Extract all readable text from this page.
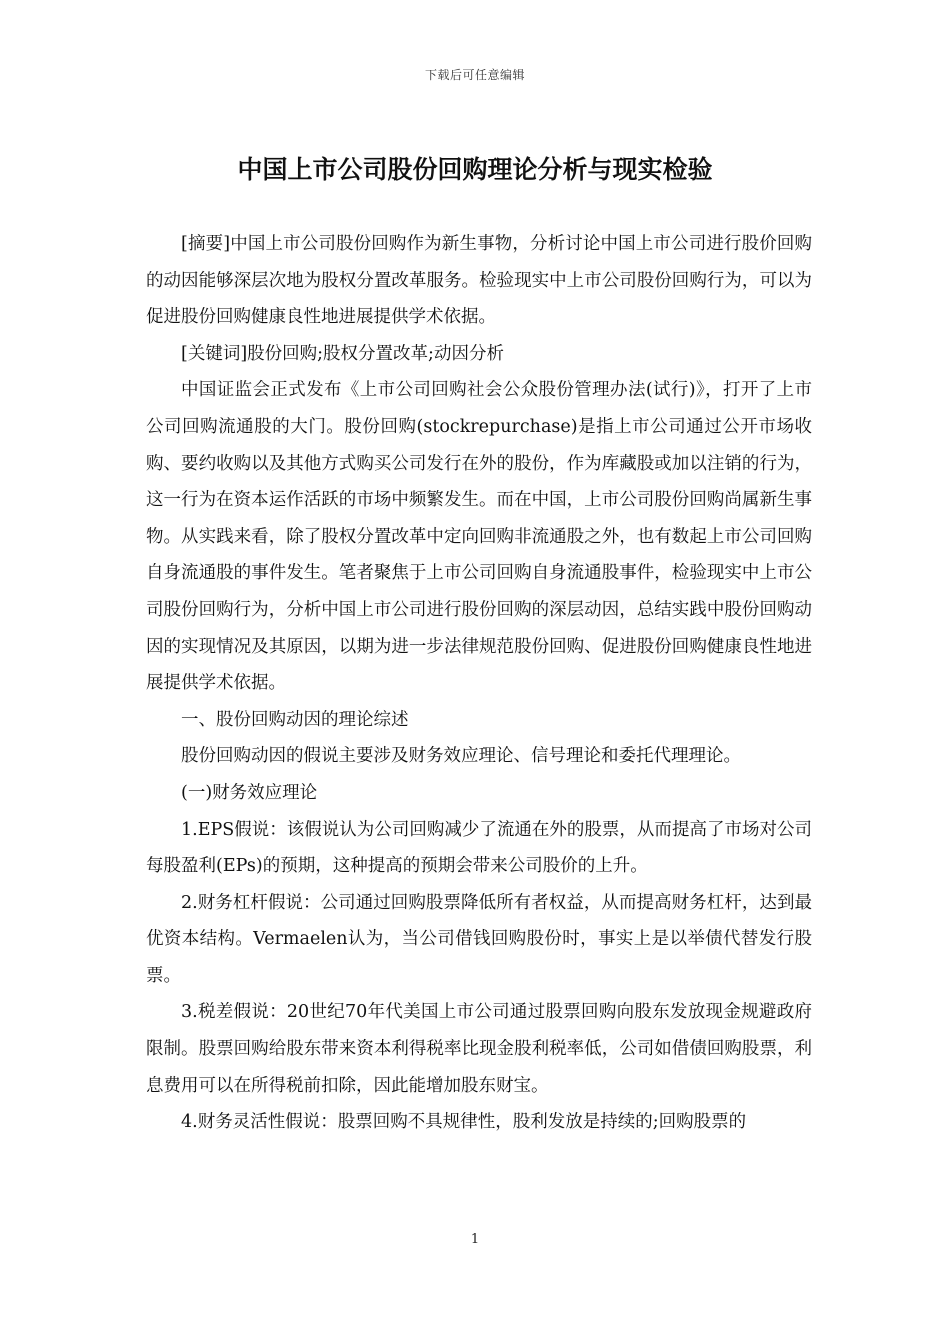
下载后可任意编辑
中国上市公司股份回购理论分析与现实检验

[摘要]中国上市公司股份回购作为新生事物，分析讨论中国上市公司进行股价回购的动因能够深层次地为股权分置改革服务。检验现实中上市公司股份回购行为，可以为促进股份回购健康良性地进展提供学术依据。

[关键词]股份回购;股权分置改革;动因分析

中国证监会正式发布《上市公司回购社会公众股份管理办法(试行)》，打开了上市公司回购流通股的大门。股份回购(stockrepurchase)是指上市公司通过公开市场收购、要约收购以及其他方式购买公司发行在外的股份，作为库藏股或加以注销的行为，这一行为在资本运作活跃的市场中频繁发生。而在中国，上市公司股份回购尚属新生事物。从实践来看，除了股权分置改革中定向回购非流通股之外，也有数起上市公司回购自身流通股的事件发生。笔者聚焦于上市公司回购自身流通股事件，检验现实中上市公司股份回购行为，分析中国上市公司进行股份回购的深层动因，总结实践中股份回购动因的实现情况及其原因，以期为进一步法律规范股份回购、促进股份回购健康良性地进展提供学术依据。

一、股份回购动因的理论综述

股份回购动因的假说主要涉及财务效应理论、信号理论和委托代理理论。

(一)财务效应理论

1.EPS假说：该假说认为公司回购减少了流通在外的股票，从而提高了市场对公司每股盈利(EPs)的预期，这种提高的预期会带来公司股价的上升。

2.财务杠杆假说：公司通过回购股票降低所有者权益，从而提高财务杠杆，达到最优资本结构。Vermaelen认为，当公司借钱回购股份时，事实上是以举债代替发行股票。

3.税差假说：20世纪70年代美国上市公司通过股票回购向股东发放现金规避政府限制。股票回购给股东带来资本利得税率比现金股利税率低，公司如借债回购股票，利息费用可以在所得税前扣除，因此能增加股东财宝。

4.财务灵活性假说：股票回购不具规律性，股利发放是持续的;回购股票的

1
